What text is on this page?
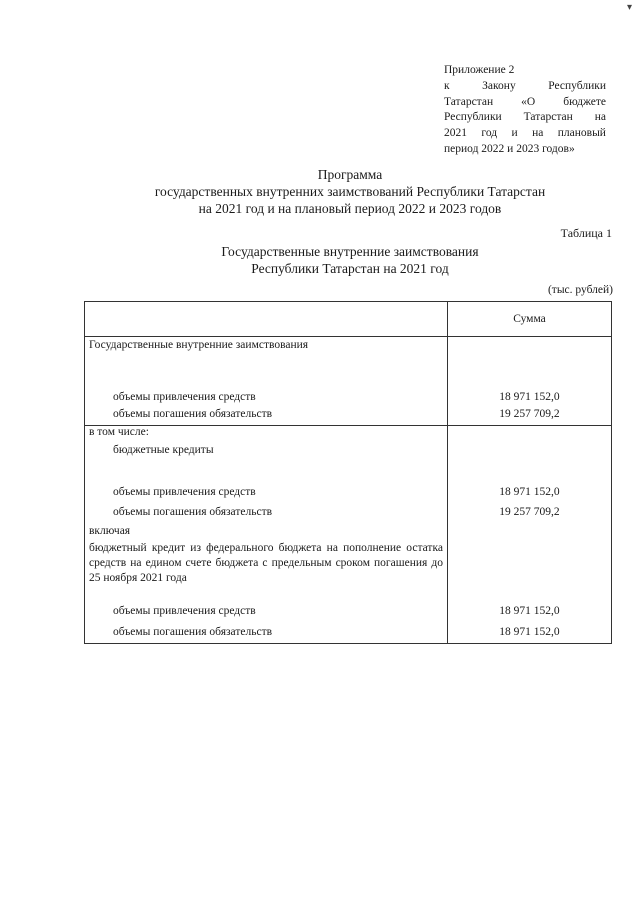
▾
Приложение 2
к	Закону	Республики
Татарстан «О бюджете
Республики Татарстан на
2021 год и на плановый
период 2022 и 2023 годов»
Программа
государственных внутренних заимствований Республики Татарстан
на 2021 год и на плановый период 2022 и 2023 годов
Таблица 1
Государственные внутренние заимствования
Республики Татарстан на 2021 год
(тыс. рублей)
	Сумма

Государственные внутренние заимствования	

объемы привлечения средств	18 971 152,0

объемы погашения обязательств	19 257 709,2

в том числе:	

бюджетные кредиты	

объемы привлечения средств	18 971 152,0

объемы погашения обязательств	19 257 709,2

включая	

бюджетный кредит из федерального бюджета на пополнение остатка средств на едином счете бюджета с предельным сроком погашения до 25 ноября 2021 года	

объемы привлечения средств	18 971 152,0

объемы погашения обязательств	18 971 152,0
